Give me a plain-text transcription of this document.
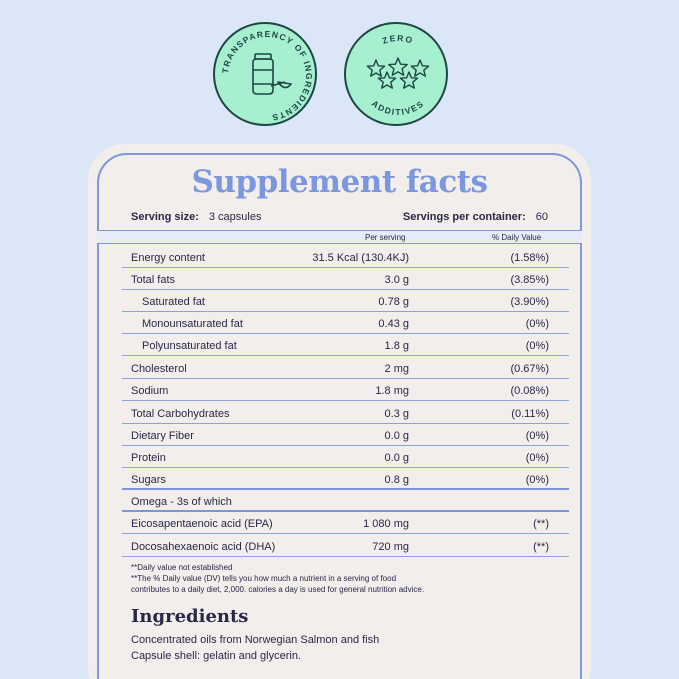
TRANSPARENCY OF INGREDIENTS
ZERO
ADDITIVES
Supplement facts
Serving size: 3 capsules	Servings per container: 60
Per serving	% Daily Value
Energy content	31.5 Kcal (130.4KJ)	(1.58%)
Total fats	3.0 g	(3.85%)
Saturated fat	0.78 g	(3.90%)
Monounsaturated fat	0.43 g	(0%)
Polyunsaturated fat	1.8 g	(0%)
Cholesterol	2 mg	(0.67%)
Sodium	1.8 mg	(0.08%)
Total Carbohydrates	0.3 g	(0.11%)
Dietary Fiber	0.0 g	(0%)
Protein	0.0 g	(0%)
Sugars	0.8 g	(0%)
Omega - 3s of which
Eicosapentaenoic acid (EPA)	1 080 mg	(**)
Docosahexaenoic acid (DHA)	720 mg	(**)
**Daily value not established
**The % Daily value (DV) tells you how much a nutrient in a serving of food
contributes to a daily diet, 2,000. calories a day is used for general nutrition advice.
Ingredients
Concentrated oils from Norwegian Salmon and fish
Capsule shell: gelatin and glycerin.
